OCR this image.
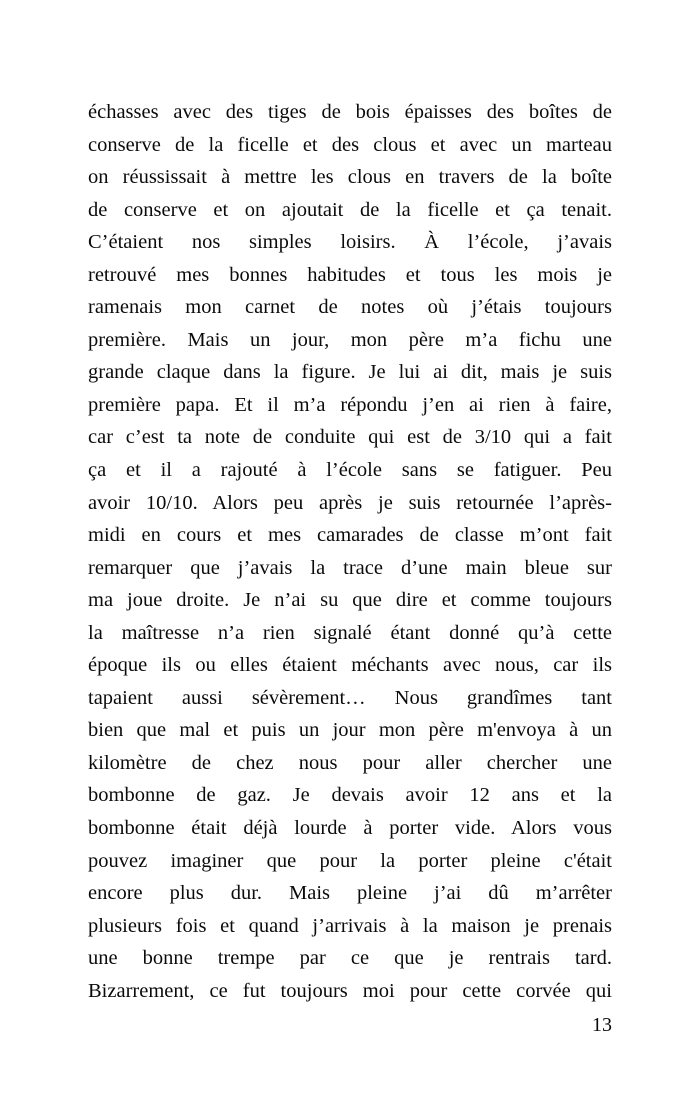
échasses avec des tiges de bois épaisses des boîtes de
conserve de la ficelle et des clous et avec un marteau
on réussissait à mettre les clous en travers de la boîte
de conserve et on ajoutait de la ficelle et ça tenait.
C’étaient nos simples loisirs. À l’école, j’avais
retrouvé mes bonnes habitudes et tous les mois je
ramenais mon carnet de notes où j’étais toujours
première. Mais un jour, mon père m’a fichu une
grande claque dans la figure. Je lui ai dit, mais je suis
première papa. Et il m’a répondu j’en ai rien à faire,
car c’est ta note de conduite qui est de 3/10 qui a fait
ça et il a rajouté à l’école sans se fatiguer. Peu
avoir 10/10. Alors peu après je suis retournée l’après-
midi en cours et mes camarades de classe m’ont fait
remarquer que j’avais la trace d’une main bleue sur
ma joue droite. Je n’ai su que dire et comme toujours
la maîtresse n’a rien signalé étant donné qu’à cette
époque ils ou elles étaient méchants avec nous, car ils
tapaient aussi sévèrement… Nous grandîmes tant
bien que mal et puis un jour mon père m'envoya à un
kilomètre de chez nous pour aller chercher une
bombonne de gaz. Je devais avoir 12 ans et la
bombonne était déjà lourde à porter vide. Alors vous
pouvez imaginer que pour la porter pleine c'était
encore plus dur. Mais pleine j’ai dû m’arrêter
plusieurs fois et quand j’arrivais à la maison je prenais
une bonne trempe par ce que je rentrais tard.
Bizarrement, ce fut toujours moi pour cette corvée qui
13
